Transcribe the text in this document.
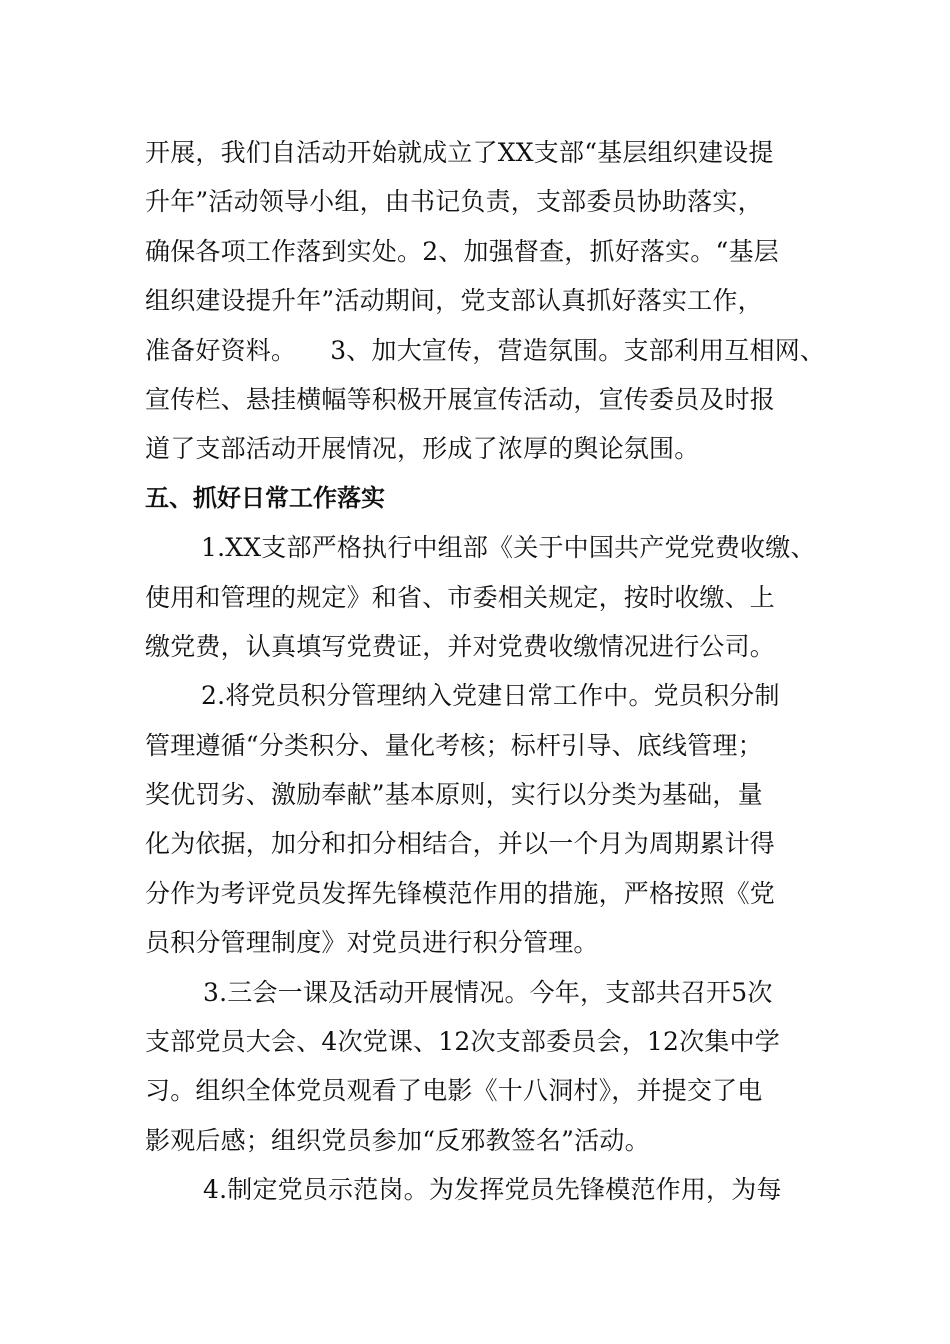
开展，我们自活动开始就成立了XX支部“基层组织建设提
升年”活动领导小组，由书记负责，支部委员协助落实，
确保各项工作落到实处。2、加强督查，抓好落实。“基层
组织建设提升年”活动期间，党支部认真抓好落实工作，
准备好资料。 3、加大宣传，营造氛围。支部利用互相网、
宣传栏、悬挂横幅等积极开展宣传活动，宣传委员及时报
道了支部活动开展情况，形成了浓厚的舆论氛围。
五、抓好日常工作落实
1.XX支部严格执行中组部《关于中国共产党党费收缴、
使用和管理的规定》和省、市委相关规定，按时收缴、上
缴党费，认真填写党费证，并对党费收缴情况进行公司。
2.将党员积分管理纳入党建日常工作中。党员积分制
管理遵循“分类积分、量化考核；标杆引导、底线管理；
奖优罚劣、激励奉献”基本原则，实行以分类为基础，量
化为依据，加分和扣分相结合，并以一个月为周期累计得
分作为考评党员发挥先锋模范作用的措施，严格按照《党
员积分管理制度》对党员进行积分管理。
3.三会一课及活动开展情况。今年，支部共召开5次
支部党员大会、4次党课、12次支部委员会，12次集中学
习。组织全体党员观看了电影《十八洞村》，并提交了电
影观后感；组织党员参加“反邪教签名”活动。
4.制定党员示范岗。为发挥党员先锋模范作用，为每
